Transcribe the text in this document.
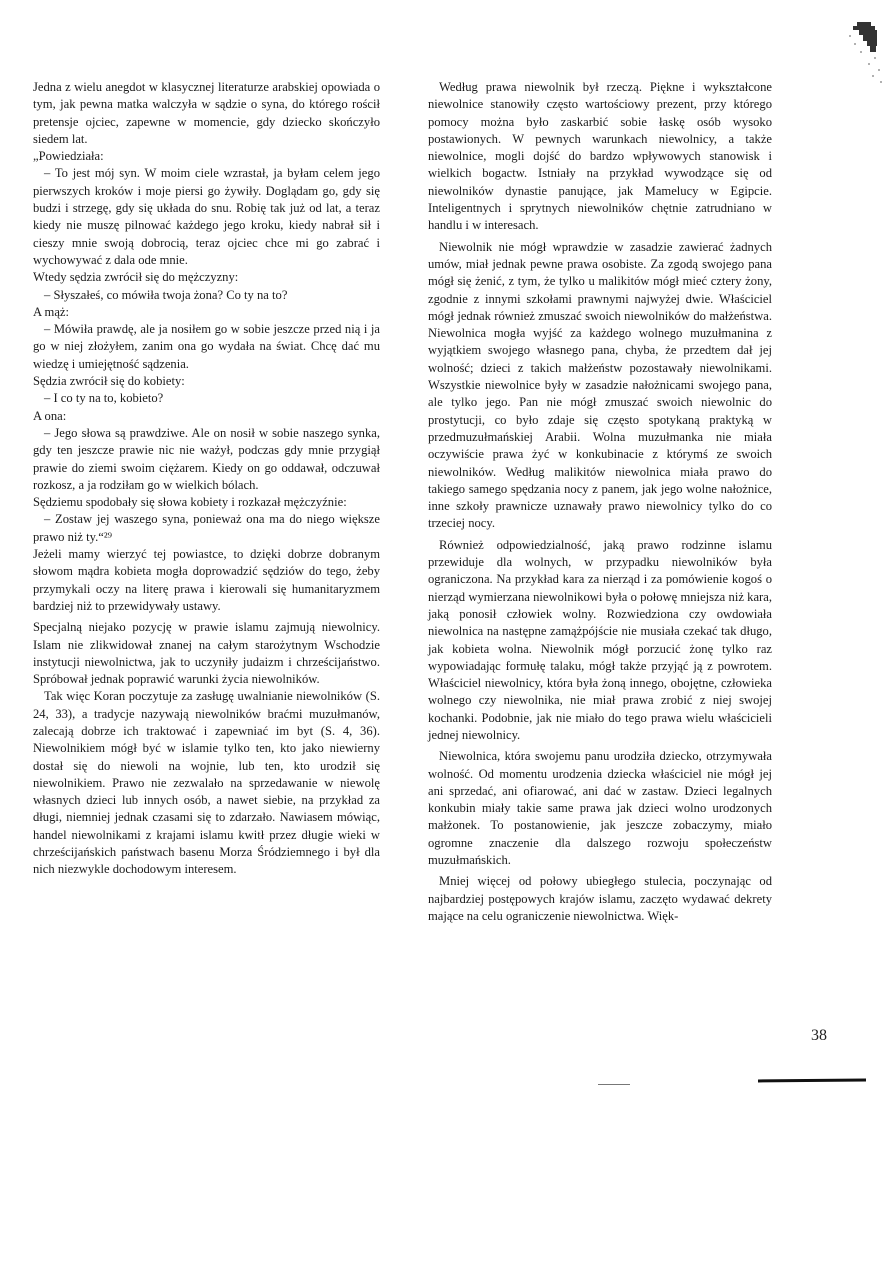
Jedna z wielu anegdot w klasycznej literaturze arabskiej opowiada o tym, jak pewna matka walczyła w sądzie o syna, do którego rościł pretensje ojciec, zapewne w momencie, gdy dziecko skończyło siedem lat.

„Powiedziała:

– To jest mój syn. W moim ciele wzrastał, ja byłam celem jego pierwszych kroków i moje piersi go żywiły. Doglądam go, gdy się budzi i strzegę, gdy się układa do snu. Robię tak już od lat, a teraz kiedy nie muszę pilnować każdego jego kroku, kiedy nabrał sił i cieszy mnie swoją dobrocią, teraz ojciec chce mi go zabrać i wychowywać z dala ode mnie.

Wtedy sędzia zwrócił się do mężczyzny:

– Słyszałeś, co mówiła twoja żona? Co ty na to?

A mąż:

– Mówiła prawdę, ale ja nosiłem go w sobie jeszcze przed nią i ja go w niej złożyłem, zanim ona go wydała na świat. Chcę dać mu wiedzę i umiejętność sądzenia.

Sędzia zwrócił się do kobiety:

– I co ty na to, kobieto?

A ona:

– Jego słowa są prawdziwe. Ale on nosił w sobie naszego synka, gdy ten jeszcze prawie nic nie ważył, podczas gdy mnie przygiął prawie do ziemi swoim ciężarem. Kiedy on go oddawał, odczuwał rozkosz, a ja rodziłam go w wielkich bólach.

Sędziemu spodobały się słowa kobiety i rozkazał mężczyźnie:

– Zostaw jej waszego syna, ponieważ ona ma do niego większe prawo niż ty.“²⁹

Jeżeli mamy wierzyć tej powiastce, to dzięki dobrze dobranym słowom mądra kobieta mogła doprowadzić sędziów do tego, żeby przymykali oczy na literę prawa i kierowali się humanitaryzmem bardziej niż to przewidywały ustawy.

Specjalną niejako pozycję w prawie islamu zajmują niewolnicy. Islam nie zlikwidował znanej na całym starożytnym Wschodzie instytucji niewolnictwa, jak to uczyniły judaizm i chrześcijaństwo. Spróbował jednak poprawić warunki życia niewolników.

Tak więc Koran poczytuje za zasługę uwalnianie niewolników (S. 24, 33), a tradycje nazywają niewolników braćmi muzułmanów, zalecają dobrze ich traktować i zapewniać im byt (S. 4, 36). Niewolnikiem mógł być w islamie tylko ten, kto jako niewierny dostał się do niewoli na wojnie, lub ten, kto urodził się niewolnikiem. Prawo nie zezwalało na sprzedawanie w niewolę własnych dzieci lub innych osób, a nawet siebie, na przykład za długi, niemniej jednak czasami się to zdarzało. Nawiasem mówiąc, handel niewolnikami z krajami islamu kwitł przez długie wieki w chrześcijańskich państwach basenu Morza Śródziemnego i był dla nich niezwykle dochodowym interesem.

Według prawa niewolnik był rzeczą. Piękne i wykształcone niewolnice stanowiły często wartościowy prezent, przy którego pomocy można było zaskarbić sobie łaskę osób wysoko postawionych. W pewnych warunkach niewolnicy, a także niewolnice, mogli dojść do bardzo wpływowych stanowisk i wielkich bogactw. Istniały na przykład wywodzące się od niewolników dynastie panujące, jak Mamelucy w Egipcie. Inteligentnych i sprytnych niewolników chętnie zatrudniano w handlu i w interesach.

Niewolnik nie mógł wprawdzie w zasadzie zawierać żadnych umów, miał jednak pewne prawa osobiste. Za zgodą swojego pana mógł się żenić, z tym, że tylko u malikitów mógł mieć cztery żony, zgodnie z innymi szkołami prawnymi najwyżej dwie. Właściciel mógł jednak również zmuszać swoich niewolników do małżeństwa. Niewolnica mogła wyjść za każdego wolnego muzułmanina z wyjątkiem swojego własnego pana, chyba, że przedtem dał jej wolność; dzieci z takich małżeństw pozostawały niewolnikami. Wszystkie niewolnice były w zasadzie nałożnicami swojego pana, ale tylko jego. Pan nie mógł zmuszać swoich niewolnic do prostytucji, co było zdaje się często spotykaną praktyką w przedmuzułmańskiej Arabii. Wolna muzułmanka nie miała oczywiście prawa żyć w konkubinacie z którymś ze swoich niewolników. Według malikitów niewolnica miała prawo do takiego samego spędzania nocy z panem, jak jego wolne nałożnice, inne szkoły prawnicze uznawały prawo niewolnicy tylko do co trzeciej nocy.

Również odpowiedzialność, jaką prawo rodzinne islamu przewiduje dla wolnych, w przypadku niewolników była ograniczona. Na przykład kara za nierząd i za pomówienie kogoś o nierząd wymierzana niewolnikowi była o połowę mniejsza niż kara, jaką ponosił człowiek wolny. Rozwiedziona czy owdowiała niewolnica na następne zamążpójście nie musiała czekać tak długo, jak kobieta wolna. Niewolnik mógł porzucić żonę tylko raz wypowiadając formułę talaku, mógł także przyjąć ją z powrotem. Właściciel niewolnicy, która była żoną innego, obojętne, człowieka wolnego czy niewolnika, nie miał prawa zrobić z niej swojej kochanki. Podobnie, jak nie miało do tego prawa wielu właścicieli jednej niewolnicy.

Niewolnica, która swojemu panu urodziła dziecko, otrzymywała wolność. Od momentu urodzenia dziecka właściciel nie mógł jej ani sprzedać, ani ofiarować, ani dać w zastaw. Dzieci legalnych konkubin miały takie same prawa jak dzieci wolno urodzonych małżonek. To postanowienie, jak jeszcze zobaczymy, miało ogromne znaczenie dla dalszego rozwoju społeczeństw muzułmańskich.

Mniej więcej od połowy ubiegłego stulecia, poczynając od najbardziej postępowych krajów islamu, zaczęto wydawać dekrety mające na celu ograniczenie niewolnictwa. Więk-

38
